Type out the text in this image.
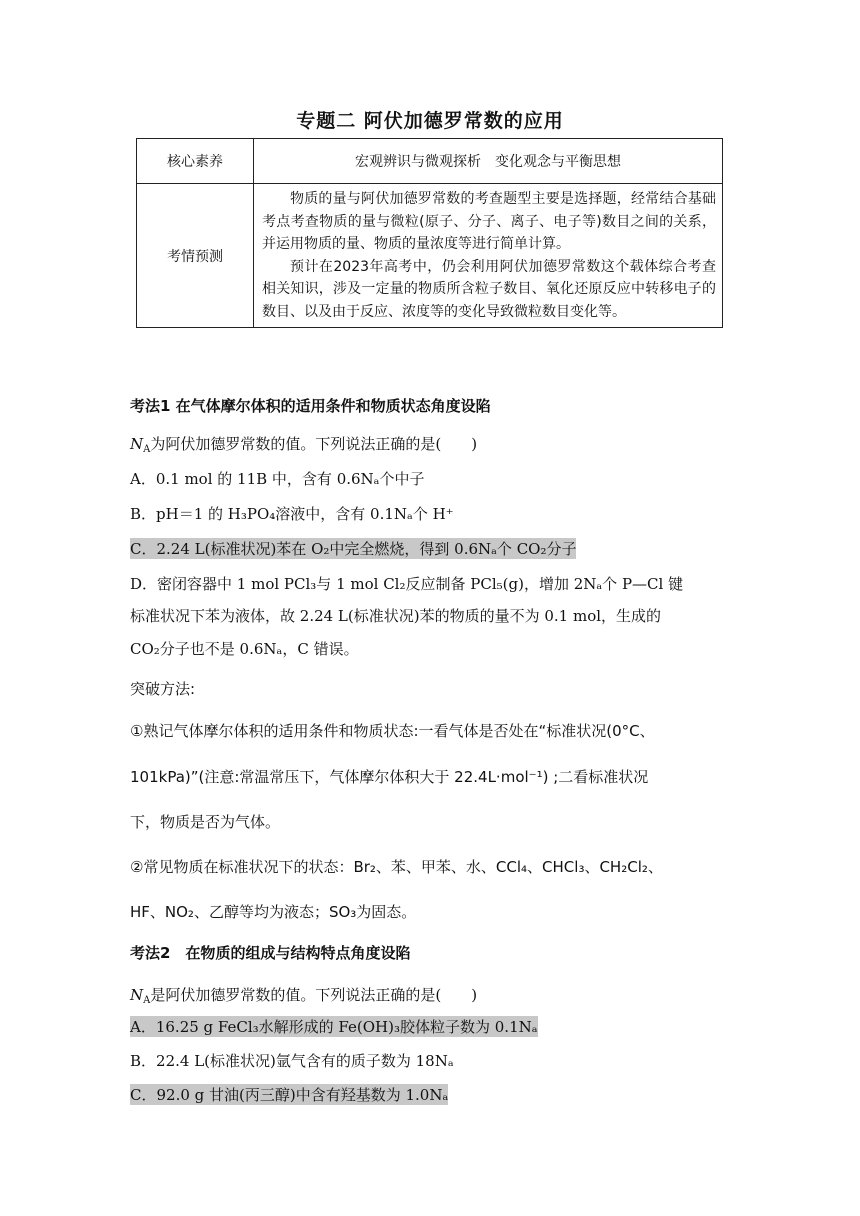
专题二 阿伏加德罗常数的应用
核心素养	宏观辨识与微观探析　变化观念与平衡思想
考情预测	物质的量与阿伏加德罗常数的考查题型主要是选择题，经常结合基础考点考查物质的量与微粒(原子、分子、离子、电子等)数目之间的关系，并运用物质的量、物质的量浓度等进行简单计算。

预计在2023年高考中，仍会利用阿伏加德罗常数这个载体综合考查相关知识，涉及一定量的物质所含粒子数目、氧化还原反应中转移电子的数目、以及由于反应、浓度等的变化导致微粒数目变化等。

考法1 在气体摩尔体积的适用条件和物质状态角度设陷
$N_A$为阿伏加德罗常数的值。下列说法正确的是(　　)
A．0.1 mol 的 11B 中，含有 0.6Nₐ个中子
B．pH＝1 的 H₃PO₄溶液中，含有 0.1Nₐ个 H⁺
C．2.24 L(标准状况)苯在 O₂中完全燃烧，得到 0.6Nₐ个 CO₂分子
D．密闭容器中 1 mol PCl₃与 1 mol Cl₂反应制备 PCl₅(g)，增加 2Nₐ个 P—Cl 键
标准状况下苯为液体，故 2.24 L(标准状况)苯的物质的量不为 0.1 mol，生成的
CO₂分子也不是 0.6Nₐ，C 错误。
突破方法:
①熟记气体摩尔体积的适用条件和物质状态:一看气体是否处在“标准状况(0°C、
101kPa)”(注意:常温常压下，气体摩尔体积大于 22.4L·mol⁻¹) ;二看标准状况
下，物质是否为气体。
②常见物质在标准状况下的状态：Br₂、苯、甲苯、水、CCl₄、CHCl₃、CH₂Cl₂、
HF、NO₂、乙醇等均为液态；SO₃为固态。
考法2　在物质的组成与结构特点角度设陷
$N_A$是阿伏加德罗常数的值。下列说法正确的是(　　)
A．16.25 g FeCl₃水解形成的 Fe(OH)₃胶体粒子数为 0.1Nₐ
B．22.4 L(标准状况)氩气含有的质子数为 18Nₐ
C．92.0 g 甘油(丙三醇)中含有羟基数为 1.0Nₐ
